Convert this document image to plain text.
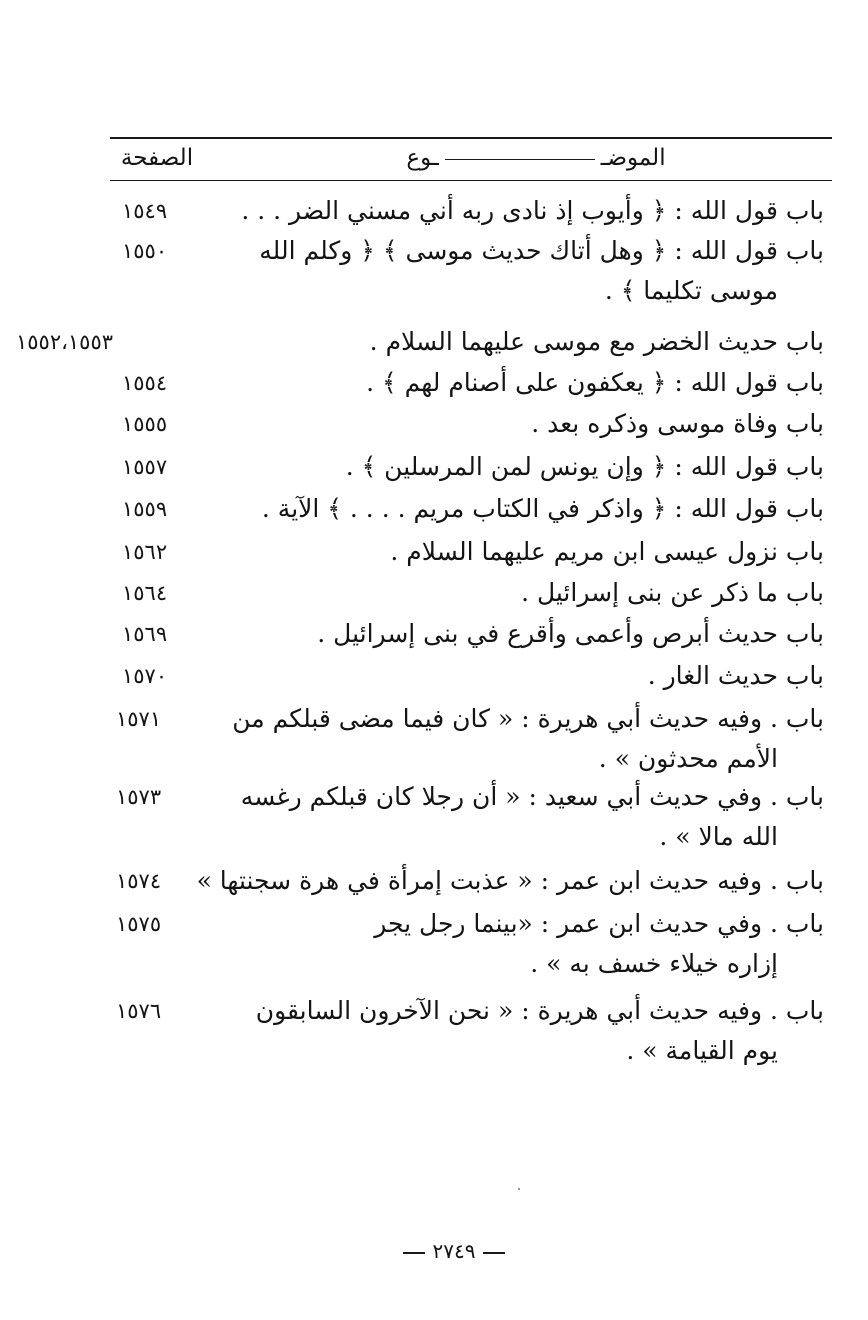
الموضــوع
الصفحة
باب قول الله : ﴿ وأيوب إذ نادى ربه أني مسني الضر . . .
١٥٤٩
باب قول الله : ﴿ وهل أتاك حديث موسى ﴾ ﴿ وكلم الله
موسى تكليما ﴾ .
١٥٥٠
باب حديث الخضر مع موسى عليهما السلام .
١٥٥٢،١٥٥٣
باب قول الله : ﴿ يعكفون على أصنام لهم ﴾ .
١٥٥٤
باب وفاة موسى وذكره بعد .
١٥٥٥
باب قول الله : ﴿ وإن يونس لمن المرسلين ﴾ .
١٥٥٧
باب قول الله : ﴿ واذكر في الكتاب مريم . . . . ﴾ الآية .
١٥٥٩
باب نزول عيسى ابن مريم عليهما السلام .
١٥٦٢
باب ما ذكر عن بنى إسرائيل .
١٥٦٤
باب حديث أبرص وأعمى وأقرع في بنى إسرائيل .
١٥٦٩
باب حديث الغار .
١٥٧٠
باب . وفيه حديث أبي هريرة : « كان فيما مضى قبلكم من
الأمم محدثون » .
١٥٧١
باب . وفي حديث أبي سعيد : « أن رجلا كان قبلكم رغسه
الله مالا » .
١٥٧٣
باب . وفيه حديث ابن عمر : « عذبت إمرأة في هرة سجنتها »
١٥٧٤
باب . وفي حديث ابن عمر : «بينما رجل يجر
إزاره خيلاء خسف به » .
١٥٧٥
باب . وفيه حديث أبي هريرة : « نحن الآخرون السابقون
يوم القيامة » .
١٥٧٦
٢٧٤٩
